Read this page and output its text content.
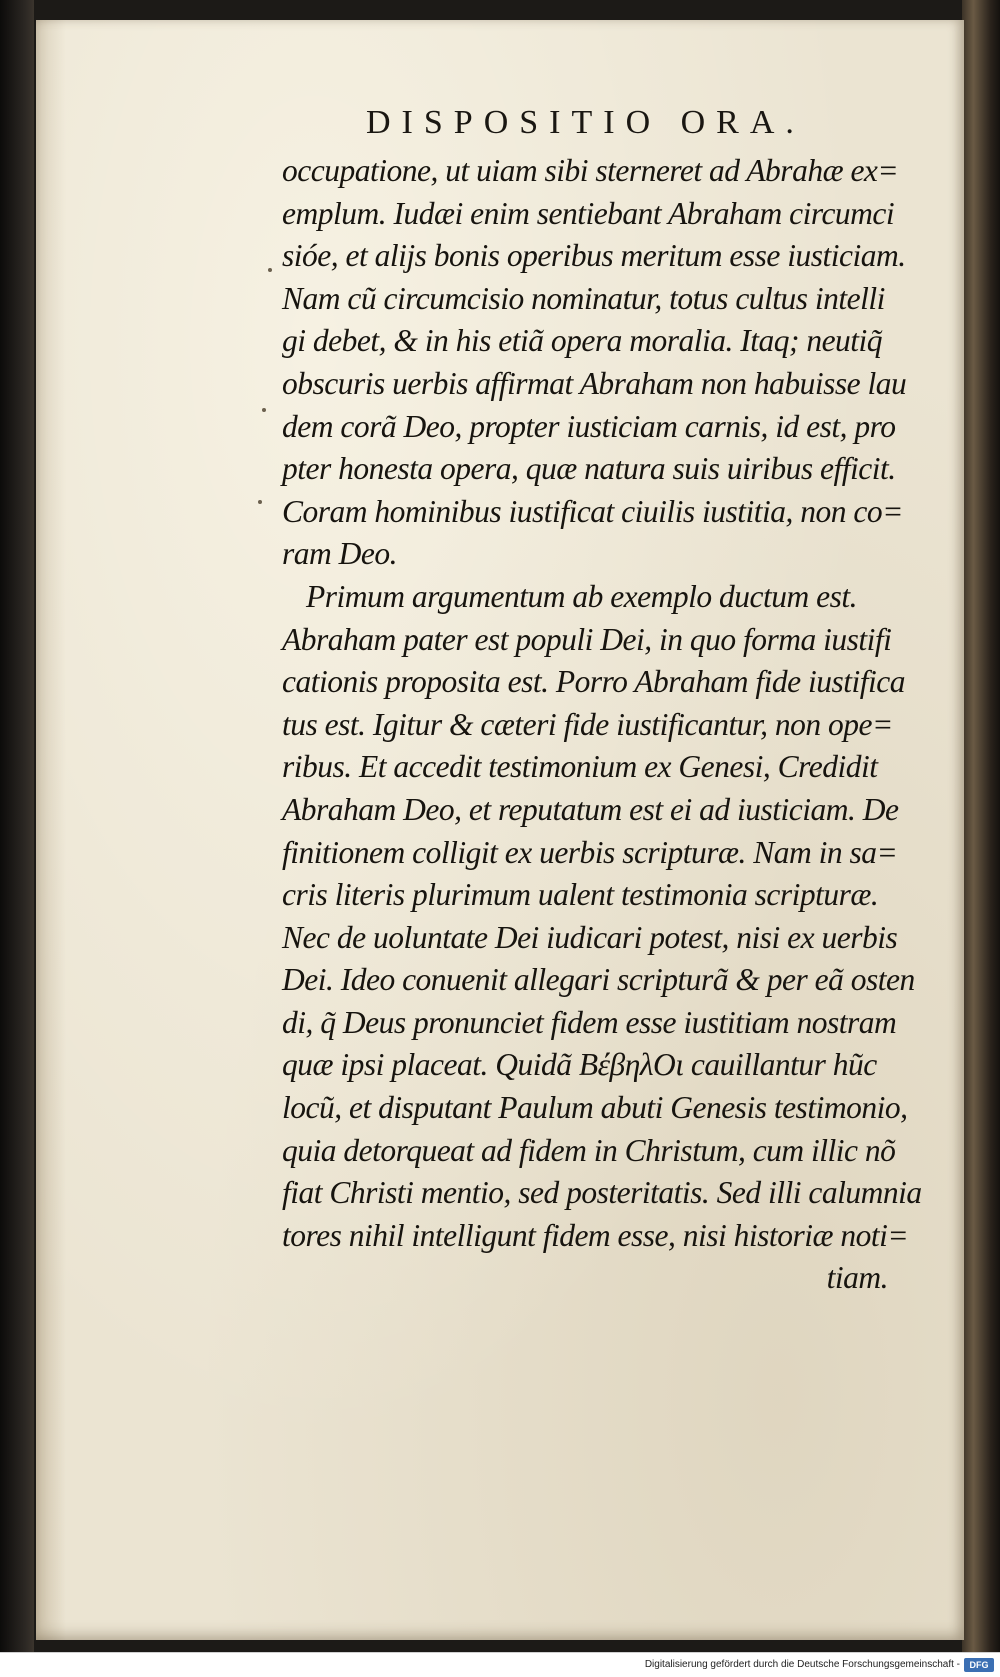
DISPOSITIO ORA.
occupatione, ut uiam sibi sterneret ad Abrahæ ex=
emplum. Iudæi enim sentiebant Abraham circumci
sióe, et alijs bonis operibus meritum esse iusticiam.
Nam cũ circumcisio nominatur, totus cultus intelli
gi debet, & in his etiã opera moralia. Itaq; neutiq̃
obscuris uerbis affirmat Abraham non habuisse lau
dem corã Deo, propter iusticiam carnis, id est, pro
pter honesta opera, quæ natura suis uiribus efficit.
Coram hominibus iustificat ciuilis iustitia, non co=
ram Deo.
Primum argumentum ab exemplo ductum est.
Abraham pater est populi Dei, in quo forma iustifi
cationis proposita est. Porro Abraham fide iustifica
tus est. Igitur & cæteri fide iustificantur, non ope=
ribus. Et accedit testimonium ex Genesi, Credidit
Abraham Deo, et reputatum est ei ad iusticiam. De
finitionem colligit ex uerbis scripturæ. Nam in sa=
cris literis plurimum ualent testimonia scripturæ.
Nec de uoluntate Dei iudicari potest, nisi ex uerbis
Dei. Ideo conuenit allegari scripturã & per eã osten
di, q̃ Deus pronunciet fidem esse iustitiam nostram
quæ ipsi placeat. Quidã ΒέβηλΟι cauillantur hũc
locũ, et disputant Paulum abuti Genesis testimonio,
quia detorqueat ad fidem in Christum, cum illic nõ
fiat Christi mentio, sed posteritatis. Sed illi calumnia
tores nihil intelligunt fidem esse, nisi historiæ noti=
tiam.
Digitalisierung gefördert durch die Deutsche Forschungsgemeinschaft -	DFG
